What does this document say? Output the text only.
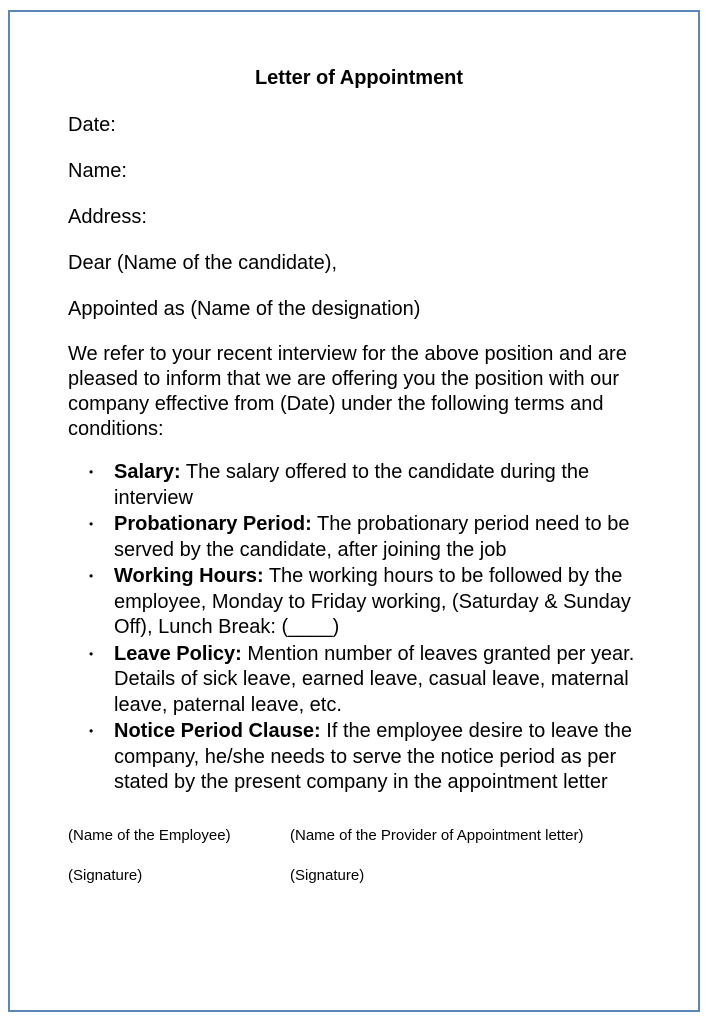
Letter of Appointment
Date:
Name:
Address:
Dear (Name of the candidate),
Appointed as (Name of the designation)
We refer to your recent interview for the above position and are pleased to inform that we are offering you the position with our company effective from (Date) under the following terms and conditions:
• Salary: The salary offered to the candidate during the interview
• Probationary Period: The probationary period need to be served by the candidate, after joining the job
• Working Hours: The working hours to be followed by the employee, Monday to Friday working, (Saturday & Sunday Off), Lunch Break: (____)
• Leave Policy: Mention number of leaves granted per year. Details of sick leave, earned leave, casual leave, maternal leave, paternal leave, etc.
• Notice Period Clause: If the employee desire to leave the company, he/she needs to serve the notice period as per stated by the present company in the appointment letter
(Name of the Employee)	(Name of the Provider of Appointment letter)
(Signature)	(Signature)
